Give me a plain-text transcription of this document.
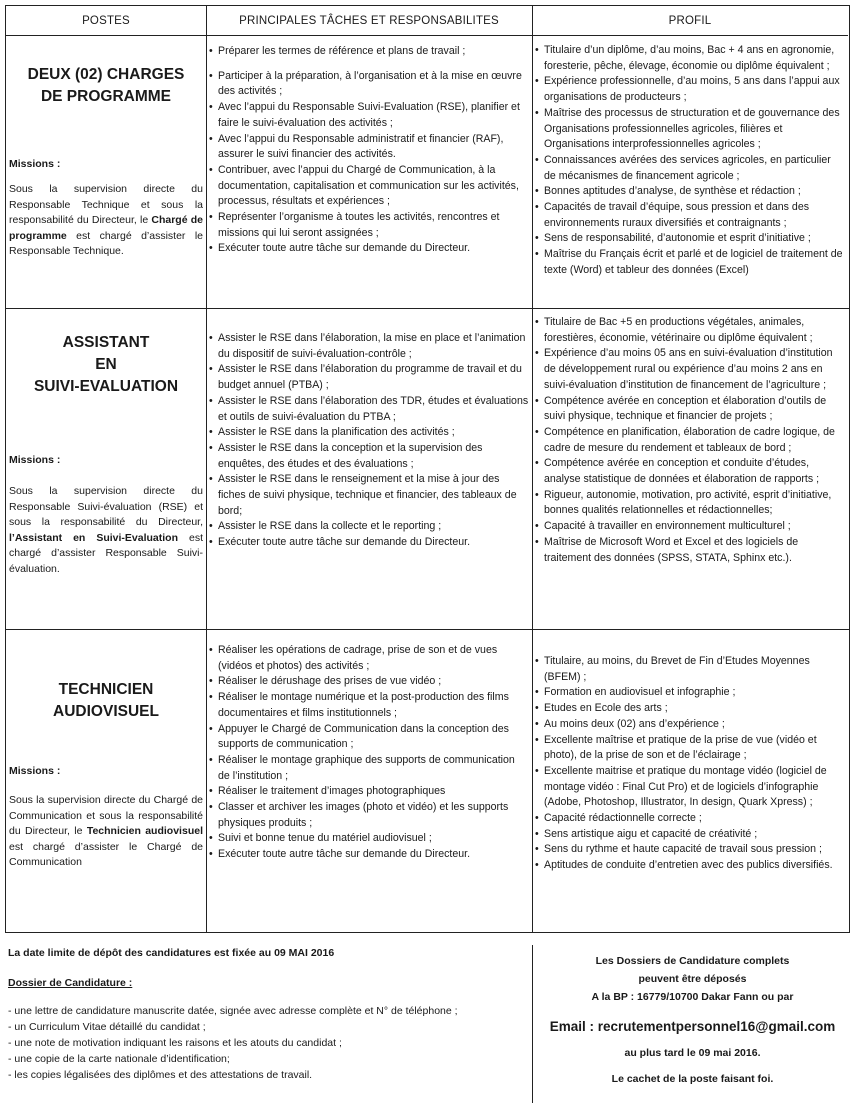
POSTES	PRINCIPALES TÂCHES ET RESPONSABILITES	PROFIL
DEUX (02) CHARGES
DE PROGRAMME
Missions :
Sous la supervision directe du Responsable Technique et sous la responsabilité du Directeur, le Chargé de programme est chargé d’assister le Responsable Technique.
• Préparer les termes de référence et plans de travail ;
• Participer à la préparation, à l’organisation et à la mise en œuvre des activités ;
• Avec l’appui du Responsable Suivi-Evaluation (RSE), planifier et faire le suivi-évaluation des activités ;
• Avec l’appui du Responsable administratif et financier (RAF), assurer le suivi financier des activités.
• Contribuer, avec l’appui du Chargé de Communication, à la documentation, capitalisation et communication sur les activités, processus, résultats et expériences ;
• Représenter l’organisme à toutes les activités, rencontres et missions qui lui seront assignées ;
• Exécuter toute autre tâche sur demande du Directeur.
• Titulaire d’un diplôme, d’au moins, Bac + 4 ans en agronomie, foresterie, pêche, élevage, économie ou diplôme équivalent ;
• Expérience professionnelle, d’au moins, 5 ans dans l’appui aux organisations de producteurs ;
• Maîtrise des processus de structuration et de gouvernance des Organisations professionnelles agricoles, filières et Organisations interprofessionnelles agricoles ;
• Connaissances avérées des services agricoles, en particulier de mécanismes de financement agricole ;
• Bonnes aptitudes d’analyse, de synthèse et rédaction ;
• Capacités de travail d’équipe, sous pression et dans des environnements ruraux diversifiés et contraignants ;
• Sens de responsabilité, d’autonomie et esprit d’initiative ;
• Maîtrise du Français écrit et parlé et de logiciel de traitement de texte (Word) et tableur des données (Excel)
ASSISTANT
EN
SUIVI-EVALUATION
Missions :
Sous la supervision directe du Responsable Suivi-évaluation (RSE) et sous la responsabilité du Directeur, l’Assistant en Suivi-Evaluation est chargé d’assister Responsable Suivi-évaluation.
• Assister le RSE dans l’élaboration, la mise en place et l’animation du dispositif de suivi-évaluation-contrôle ;
• Assister le RSE dans l’élaboration du programme de travail et du budget annuel (PTBA) ;
• Assister le RSE dans l’élaboration des TDR, études et évaluations et outils de suivi-évaluation du PTBA ;
• Assister le RSE dans la planification des activités ;
• Assister le RSE dans la conception et la supervision des enquêtes, des études et des évaluations ;
• Assister le RSE dans le renseignement et la mise à jour des fiches de suivi physique, technique et financier, des tableaux de bord;
• Assister le RSE dans la collecte et le reporting ;
• Exécuter toute autre tâche sur demande du Directeur.
• Titulaire de Bac +5 en productions végétales, animales, forestières, économie, vétérinaire ou diplôme équivalent ;
• Expérience d’au moins 05 ans en suivi-évaluation d’institution de développement rural ou expérience d’au moins 2 ans en suivi-évaluation d’institution de financement de l’agriculture ;
• Compétence avérée en conception et élaboration d’outils de suivi physique, technique et financier de projets ;
• Compétence en planification, élaboration de cadre logique, de cadre de mesure du rendement et tableaux de bord ;
• Compétence avérée en conception et conduite d’études, analyse statistique de données et élaboration de rapports ;
• Rigueur, autonomie, motivation, pro activité, esprit d’initiative, bonnes qualités relationnelles et rédactionnelles;
• Capacité à travailler en environnement multiculturel ;
• Maîtrise de Microsoft Word et Excel et des logiciels de traitement des données (SPSS, STATA, Sphinx etc.).
TECHNICIEN
AUDIOVISUEL
Missions :
Sous la supervision directe du Chargé de Communication et sous la responsabilité du Directeur, le Technicien audiovisuel est chargé d’assister le Chargé de Communication
• Réaliser les opérations de cadrage, prise de son et de vues (vidéos et photos) des activités ;
• Réaliser le dérushage des prises de vue vidéo ;
• Réaliser le montage numérique et la post-production des films documentaires et films institutionnels ;
• Appuyer le Chargé de Communication dans la conception des supports de communication ;
• Réaliser le montage graphique des supports de communication de l’institution ;
• Réaliser le traitement d’images photographiques
• Classer et archiver les images (photo et vidéo) et les supports physiques produits ;
• Suivi et bonne tenue du matériel audiovisuel ;
• Exécuter toute autre tâche sur demande du Directeur.
• Titulaire, au moins, du Brevet de Fin d’Etudes Moyennes (BFEM) ;
• Formation en audiovisuel et infographie ;
• Etudes en Ecole des arts ;
• Au moins deux (02) ans d’expérience ;
• Excellente maîtrise et pratique de la prise de vue (vidéo et photo), de la prise de son et de l’éclairage ;
• Excellente maitrise et pratique du montage vidéo (logiciel de montage vidéo : Final Cut Pro) et de logiciels d’infographie (Adobe, Photoshop, Illustrator, In design, Quark Xpress) ;
• Capacité rédactionnelle correcte ;
• Sens artistique aigu et capacité de créativité ;
• Sens du rythme et haute capacité de travail sous pression ;
• Aptitudes de conduite d’entretien avec des publics diversifiés.
La date limite de dépôt des candidatures est fixée au 09 MAI 2016
Dossier de Candidature :
- une lettre de candidature manuscrite datée, signée avec adresse complète et N° de téléphone ;
- un Curriculum Vitae détaillé du candidat ;
- une note de motivation indiquant les raisons et les atouts du candidat ;
- une copie de la carte nationale d’identification;
- les copies légalisées des diplômes et des attestations de travail.
Les Dossiers de Candidature complets
peuvent être déposés
A la BP : 16779/10700 Dakar Fann ou par
Email : recrutementpersonnel16@gmail.com
au plus tard le 09 mai 2016.
Le cachet de la poste faisant foi.
